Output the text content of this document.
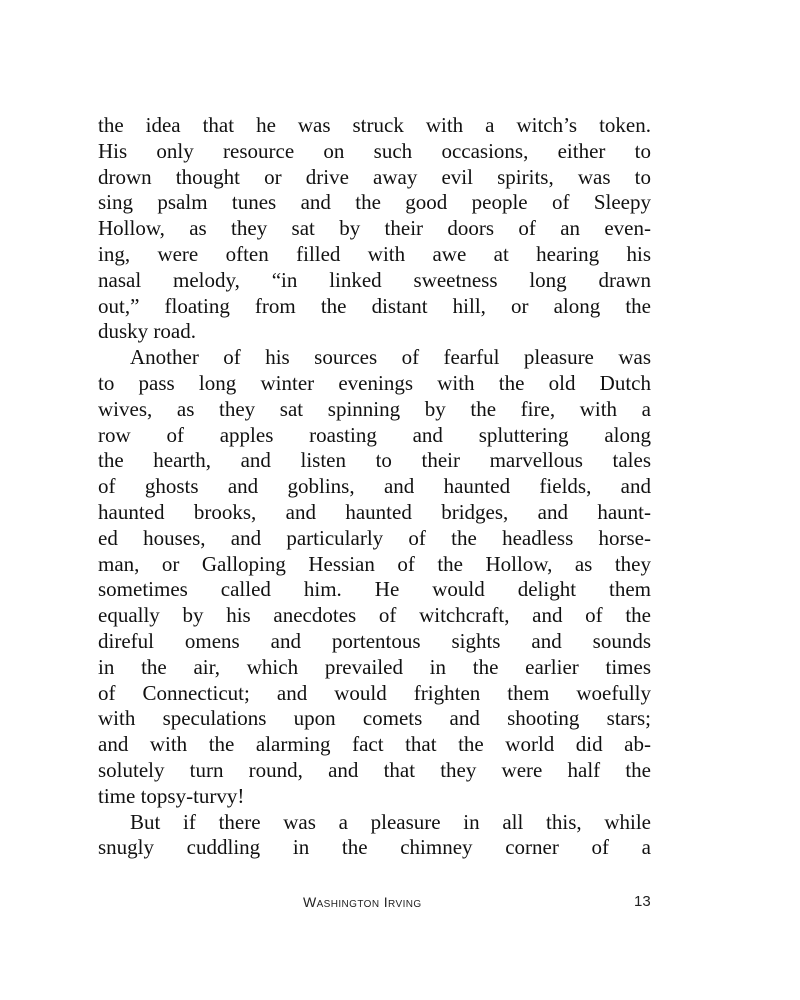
the idea that he was struck with a witch’s token.
His only resource on such occasions, either to
drown thought or drive away evil spirits, was to
sing psalm tunes and the good people of Sleepy
Hollow, as they sat by their doors of an even-
ing, were often filled with awe at hearing his
nasal melody, “in linked sweetness long drawn
out,” floating from the distant hill, or along the
dusky road.
Another of his sources of fearful pleasure was
to pass long winter evenings with the old Dutch
wives, as they sat spinning by the fire, with a
row of apples roasting and spluttering along
the hearth, and listen to their marvellous tales
of ghosts and goblins, and haunted fields, and
haunted brooks, and haunted bridges, and haunt-
ed houses, and particularly of the headless horse-
man, or Galloping Hessian of the Hollow, as they
sometimes called him. He would delight them
equally by his anecdotes of witchcraft, and of the
direful omens and portentous sights and sounds
in the air, which prevailed in the earlier times
of Connecticut; and would frighten them woefully
with speculations upon comets and shooting stars;
and with the alarming fact that the world did ab-
solutely turn round, and that they were half the
time topsy-turvy!
But if there was a pleasure in all this, while
snugly cuddling in the chimney corner of a
Washington Irving	13
